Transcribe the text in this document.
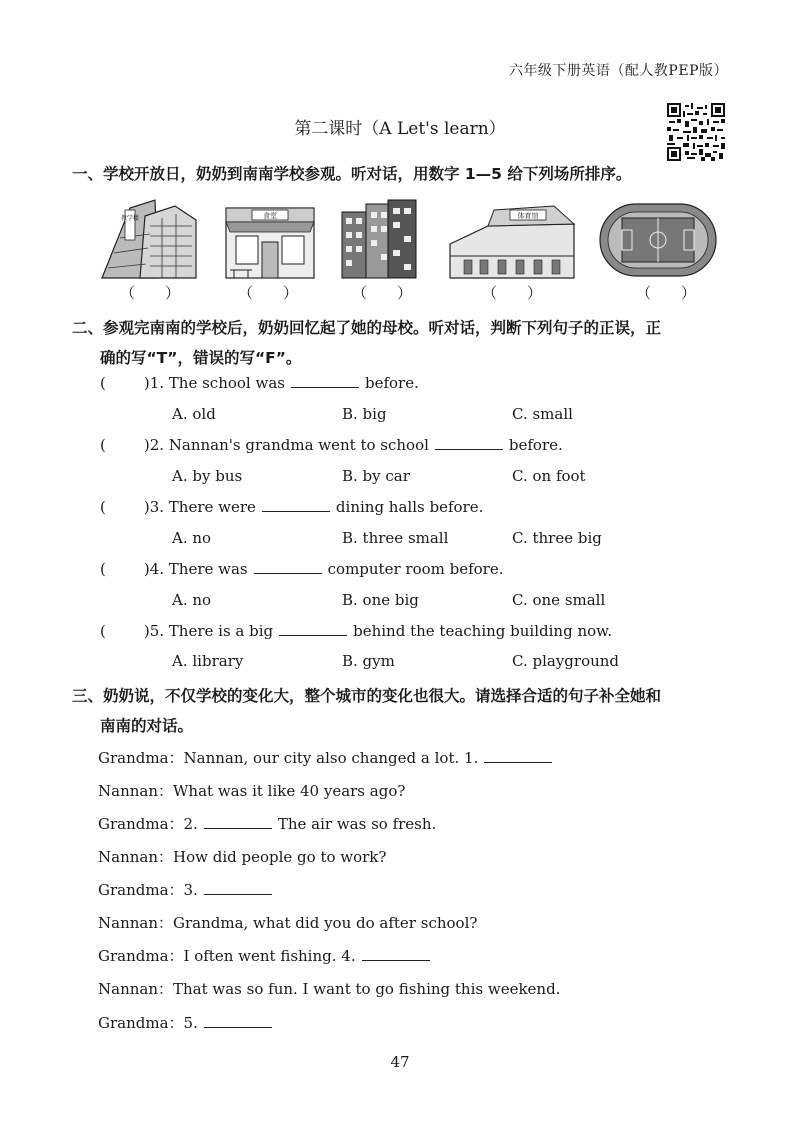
六年级下册英语（配人教PEP版）
第二课时（A Let's learn）
一、学校开放日，奶奶到南南学校参观。听对话，用数字 1—5 给下列场所排序。
教学楼	食堂	体育馆
（　　）	（　　）	（　　）	（　　）	（　　）
二、参观完南南的学校后，奶奶回忆起了她的母校。听对话，判断下列句子的正误，正
确的写“T”，错误的写“F”。
(	)1. The school was	before.
A. old	B. big	C. small
(	)2. Nannan's grandma went to school	before.
A. by bus	B. by car	C. on foot
(	)3. There were	dining halls before.
A. no	B. three small	C. three big
(	)4. There was	computer room before.
A. no	B. one big	C. one small
(	)5. There is a big	behind the teaching building now.
A. library	B. gym	C. playground
三、奶奶说，不仅学校的变化大，整个城市的变化也很大。请选择合适的句子补全她和
南南的对话。
Grandma：Nannan, our city also changed a lot. 1.
Nannan：What was it like 40 years ago?
Grandma：2.	The air was so fresh.
Nannan：How did people go to work?
Grandma：3.
Nannan：Grandma, what did you do after school?
Grandma：I often went fishing. 4.
Nannan：That was so fun. I want to go fishing this weekend.
Grandma：5.
47
